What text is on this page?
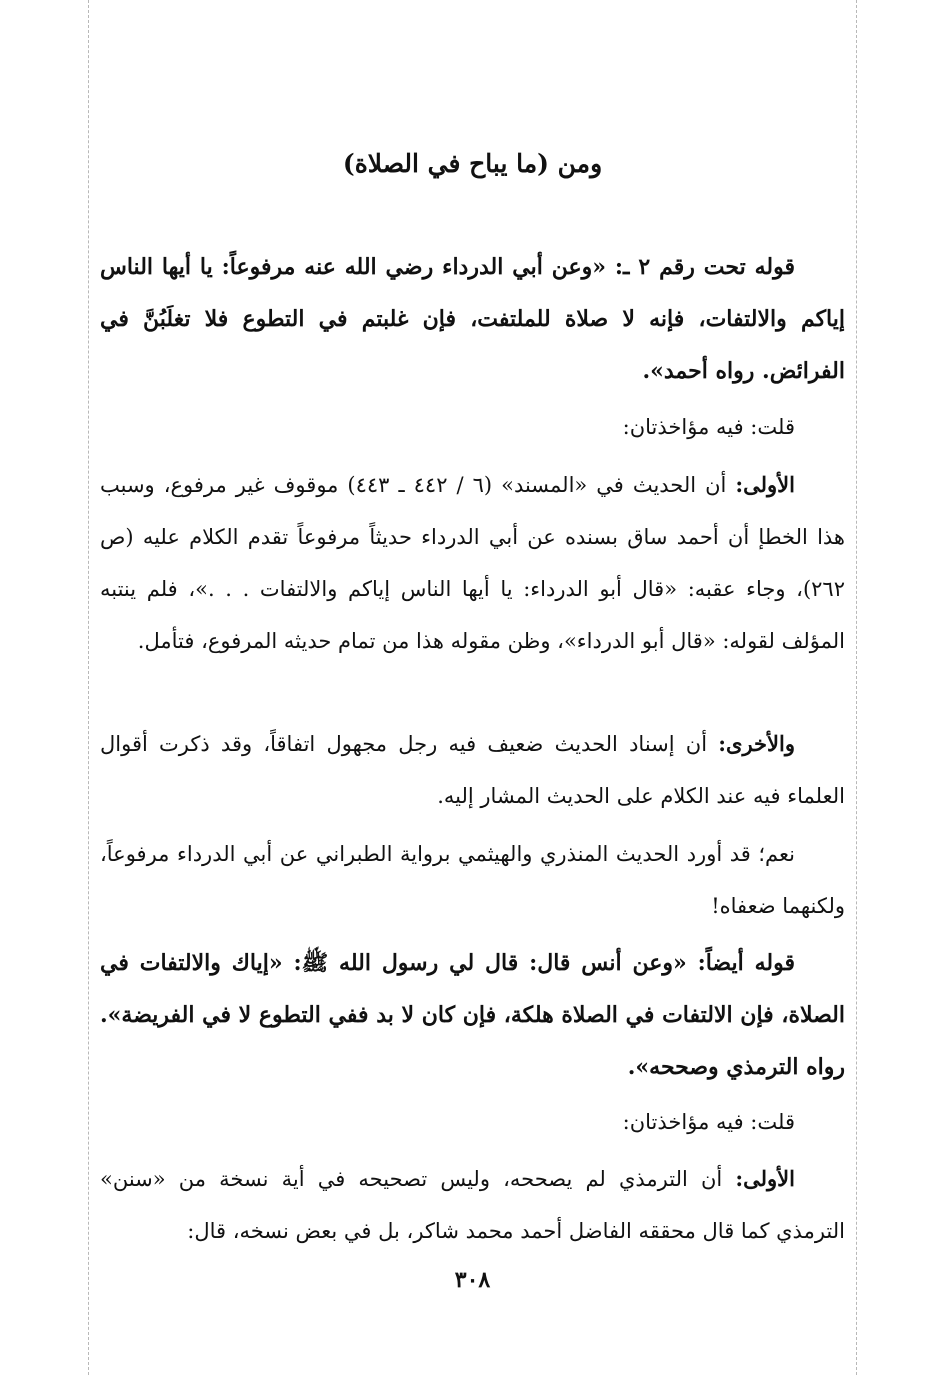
ومن (ما يباح في الصلاة)

قوله تحت رقم ٢ ـ: «وعن أبي الدرداء رضي الله عنه مرفوعاً: يا أيها الناس إياكم والالتفات، فإنه لا صلاة للملتفت، فإن غلبتم في التطوع فلا تغلَبُنَّ في الفرائض. رواه أحمد».

قلت: فيه مؤاخذتان:

الأولى: أن الحديث في «المسند» (٦ / ٤٤٢ ـ ٤٤٣) موقوف غير مرفوع، وسبب هذا الخطإ أن أحمد ساق بسنده عن أبي الدرداء حديثاً مرفوعاً تقدم الكلام عليه (ص ٢٦٢)، وجاء عقبه: «قال أبو الدرداء: يا أيها الناس إياكم والالتفات . . .»، فلم ينتبه المؤلف لقوله: «قال أبو الدرداء»، وظن مقوله هذا من تمام حديثه المرفوع، فتأمل.

والأخرى: أن إسناد الحديث ضعيف فيه رجل مجهول اتفاقاً، وقد ذكرت أقوال العلماء فيه عند الكلام على الحديث المشار إليه.

نعم؛ قد أورد الحديث المنذري والهيثمي برواية الطبراني عن أبي الدرداء مرفوعاً، ولكنهما ضعفاه!

قوله أيضاً: «وعن أنس قال: قال لي رسول الله ﷺ: «إياك والالتفات في الصلاة، فإن الالتفات في الصلاة هلكة، فإن كان لا بد ففي التطوع لا في الفريضة». رواه الترمذي وصححه».

قلت: فيه مؤاخذتان:

الأولى: أن الترمذي لم يصححه، وليس تصحيحه في أية نسخة من «سنن» الترمذي كما قال محققه الفاضل أحمد محمد شاكر، بل في بعض نسخه، قال:

٣٠٨
